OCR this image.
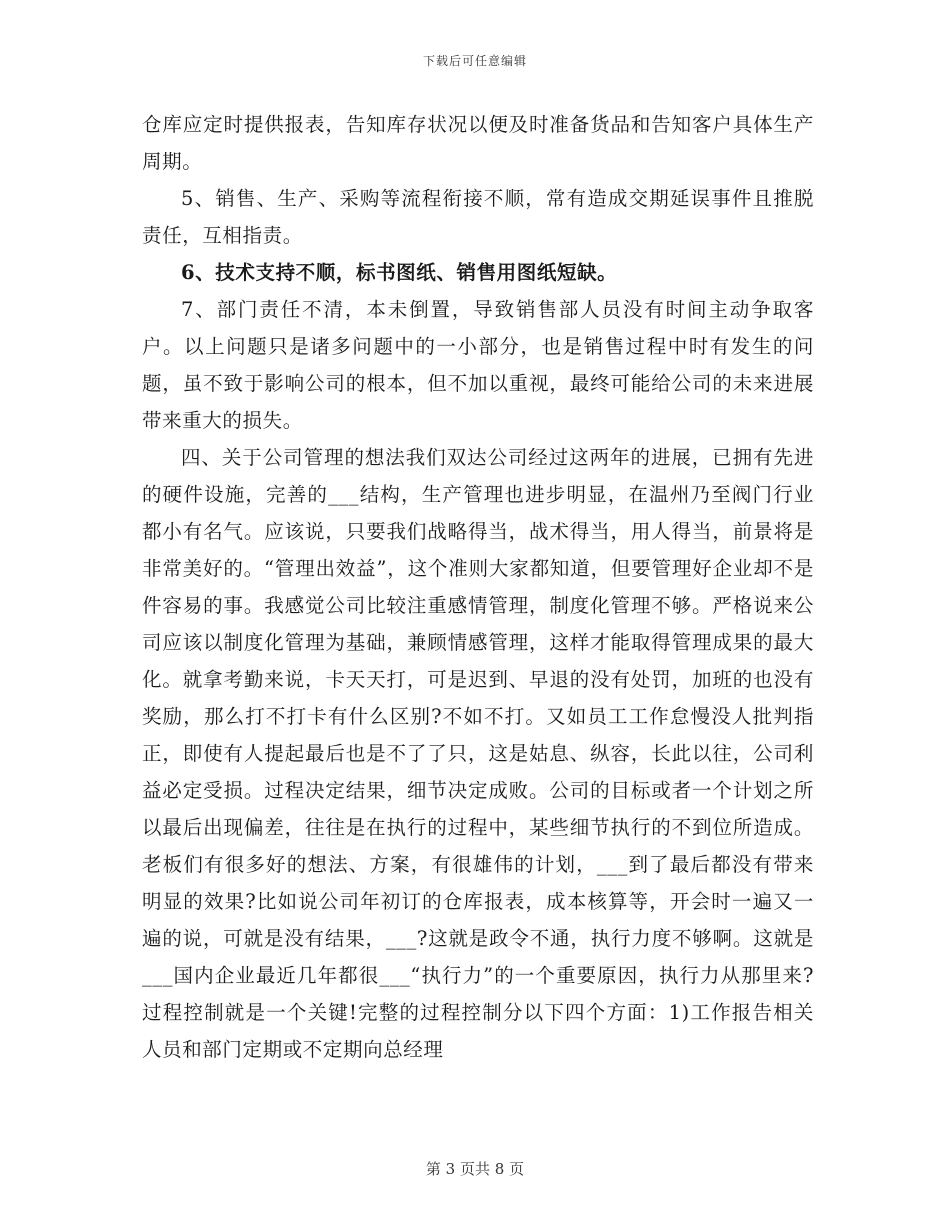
下载后可任意编辑

仓库应定时提供报表，告知库存状况以便及时准备货品和告知客户具体生产周期。

5、销售、生产、采购等流程衔接不顺，常有造成交期延误事件且推脱责任，互相指责。

6、技术支持不顺，标书图纸、销售用图纸短缺。

7、部门责任不清，本未倒置，导致销售部人员没有时间主动争取客户。以上问题只是诸多问题中的一小部分，也是销售过程中时有发生的问题，虽不致于影响公司的根本，但不加以重视，最终可能给公司的未来进展带来重大的损失。

四、关于公司管理的想法我们双达公司经过这两年的进展，已拥有先进的硬件设施，完善的___结构，生产管理也进步明显，在温州乃至阀门行业都小有名气。应该说，只要我们战略得当，战术得当，用人得当，前景将是非常美好的。“管理出效益”，这个准则大家都知道，但要管理好企业却不是件容易的事。我感觉公司比较注重感情管理，制度化管理不够。严格说来公司应该以制度化管理为基础，兼顾情感管理，这样才能取得管理成果的最大化。就拿考勤来说，卡天天打，可是迟到、早退的没有处罚，加班的也没有奖励，那么打不打卡有什么区别?不如不打。又如员工工作怠慢没人批判指正，即使有人提起最后也是不了了只，这是姑息、纵容，长此以往，公司利益必定受损。过程决定结果，细节决定成败。公司的目标或者一个计划之所以最后出现偏差，往往是在执行的过程中，某些细节执行的不到位所造成。老板们有很多好的想法、方案，有很雄伟的计划，___到了最后都没有带来明显的效果?比如说公司年初订的仓库报表，成本核算等，开会时一遍又一遍的说，可就是没有结果，___?这就是政令不通，执行力度不够啊。这就是___国内企业最近几年都很___“执行力”的一个重要原因，执行力从那里来?过程控制就是一个关键!完整的过程控制分以下四个方面：1)工作报告相关人员和部门定期或不定期向总经理

第 3 页共 8 页
